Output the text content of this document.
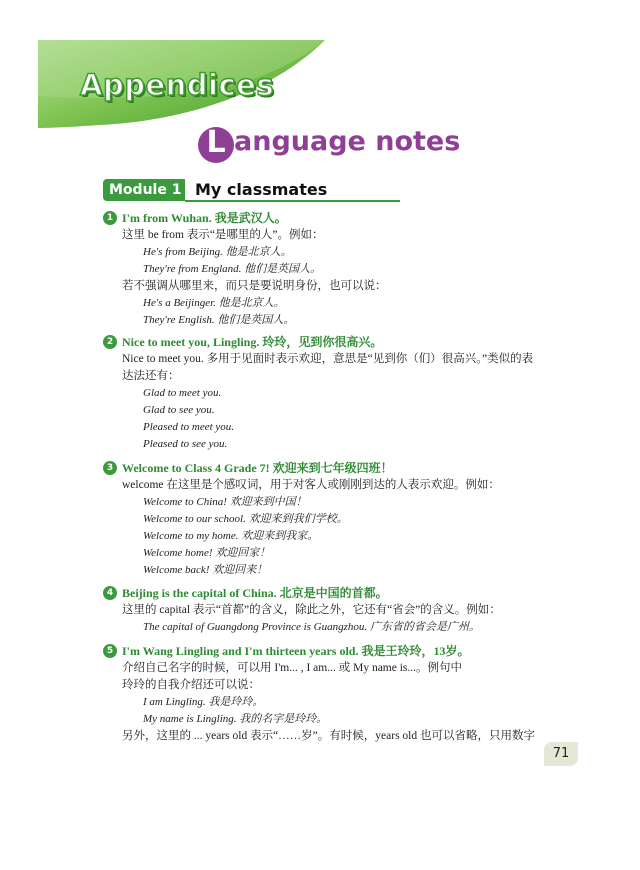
Appendices
L anguage notes
Module 1 My classmates
1 I'm from Wuhan. 我是武汉人。
这里 be from 表示“是哪里的人”。例如：
He's from Beijing. 他是北京人。
They're from England. 他们是英国人。
若不强调从哪里来，而只是要说明身份，也可以说：
He's a Beijinger. 他是北京人。
They're English. 他们是英国人。
2 Nice to meet you, Lingling. 玲玲，见到你很高兴。
Nice to meet you. 多用于见面时表示欢迎，意思是“见到你（们）很高兴。”类似的表
达法还有：
Glad to meet you.
Glad to see you.
Pleased to meet you.
Pleased to see you.
3 Welcome to Class 4 Grade 7! 欢迎来到七年级四班！
welcome 在这里是个感叹词，用于对客人或刚刚到达的人表示欢迎。例如：
Welcome to China! 欢迎来到中国！
Welcome to our school. 欢迎来到我们学校。
Welcome to my home. 欢迎来到我家。
Welcome home! 欢迎回家！
Welcome back! 欢迎回来！
4 Beijing is the capital of China. 北京是中国的首都。
这里的 capital 表示“首都”的含义，除此之外，它还有“省会”的含义。例如：
The capital of Guangdong Province is Guangzhou. 广东省的省会是广州。
5 I'm Wang Lingling and I'm thirteen years old. 我是王玲玲，13岁。
介绍自己名字的时候，可以用 I'm... , I am... 或 My name is...。例句中
玲玲的自我介绍还可以说：
I am Lingling. 我是玲玲。
My name is Lingling. 我的名字是玲玲。
另外，这里的 ... years old 表示“……岁”。有时候，years old 也可以省略，只用数字
71
